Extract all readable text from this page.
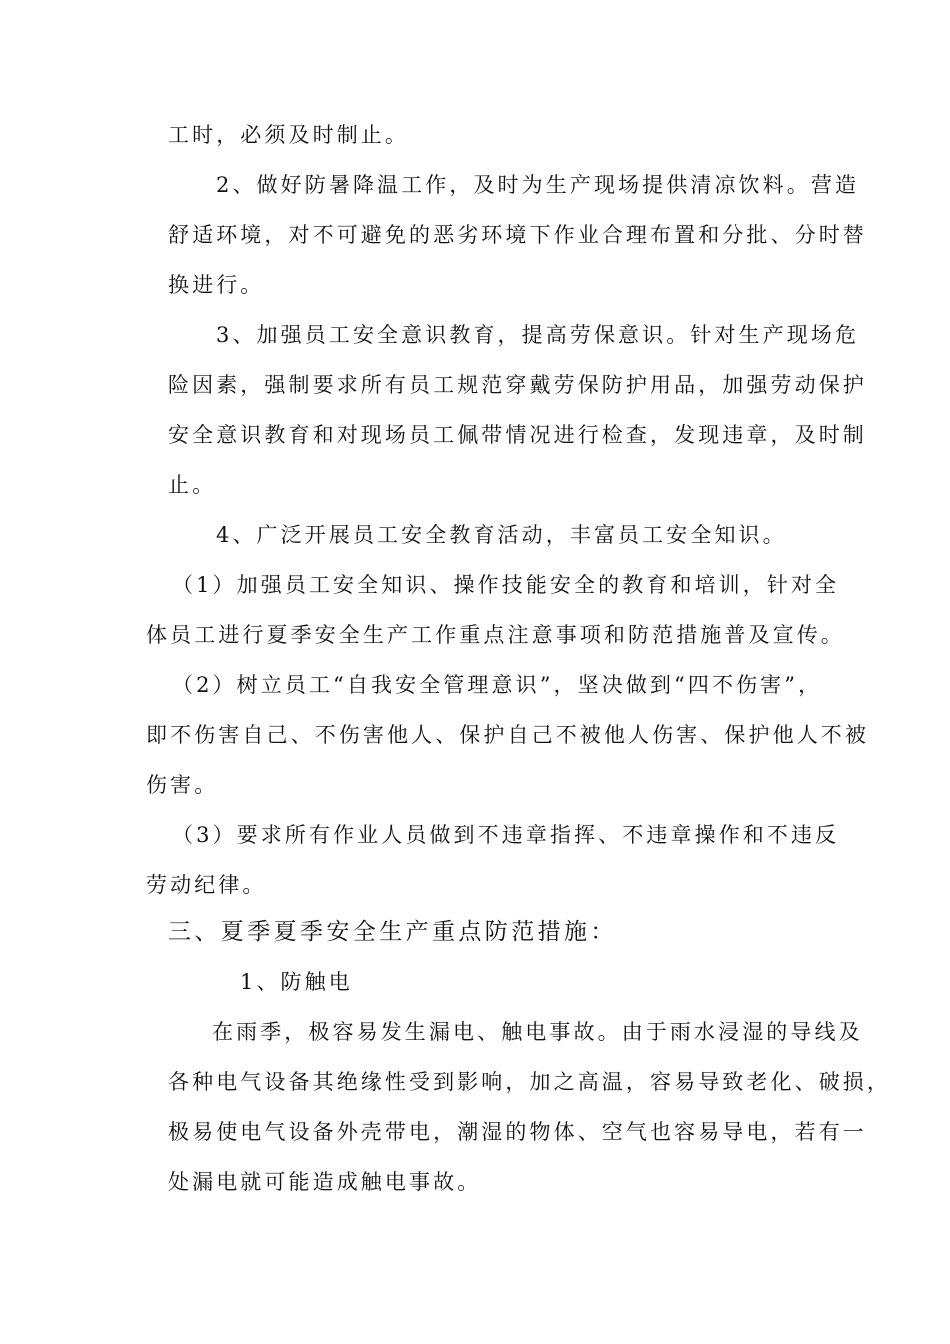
工时，必须及时制止。

2、做好防暑降温工作，及时为生产现场提供清凉饮料。营造

舒适环境，对不可避免的恶劣环境下作业合理布置和分批、分时替

换进行。

3、加强员工安全意识教育，提高劳保意识。针对生产现场危

险因素，强制要求所有员工规范穿戴劳保防护用品，加强劳动保护

安全意识教育和对现场员工佩带情况进行检查，发现违章，及时制

止。

4、广泛开展员工安全教育活动，丰富员工安全知识。

（1）加强员工安全知识、操作技能安全的教育和培训，针对全

体员工进行夏季安全生产工作重点注意事项和防范措施普及宣传。

（2）树立员工“自我安全管理意识”，坚决做到“四不伤害”，

即不伤害自己、不伤害他人、保护自己不被他人伤害、保护他人不被

伤害。

（3）要求所有作业人员做到不违章指挥、不违章操作和不违反

劳动纪律。

三、夏季夏季安全生产重点防范措施：

1、防触电

在雨季，极容易发生漏电、触电事故。由于雨水浸湿的导线及

各种电气设备其绝缘性受到影响，加之高温，容易导致老化、破损，

极易使电气设备外壳带电，潮湿的物体、空气也容易导电，若有一

处漏电就可能造成触电事故。
